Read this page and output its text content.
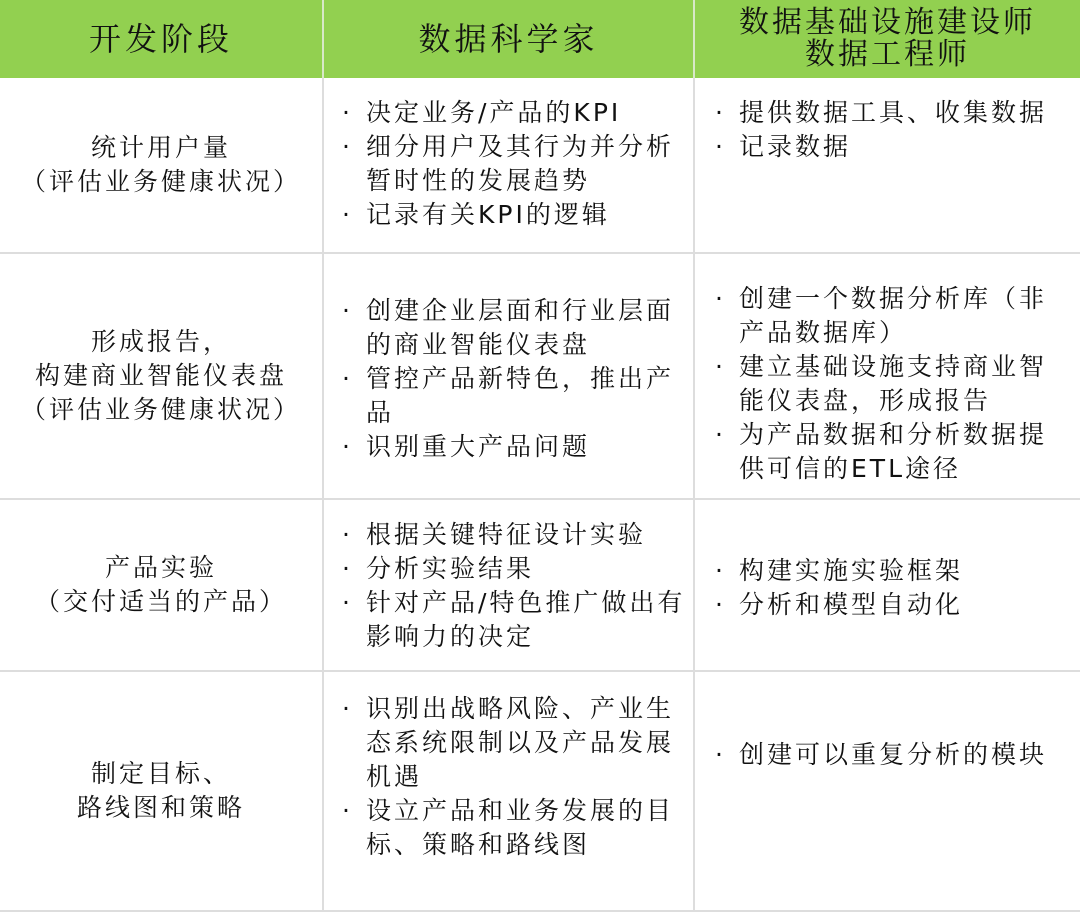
开发阶段	数据科学家	数据基础设施建设师
数据工程师
统计用户量
（评估业务健康状况）
· 决定业务/产品的KPI
· 细分用户及其行为并分析暂时性的发展趋势
· 记录有关KPI的逻辑
· 提供数据工具、收集数据
· 记录数据
形成报告，
构建商业智能仪表盘
（评估业务健康状况）
· 创建企业层面和行业层面的商业智能仪表盘
· 管控产品新特色，推出产品
· 识别重大产品问题
· 创建一个数据分析库（非产品数据库）
· 建立基础设施支持商业智能仪表盘，形成报告
· 为产品数据和分析数据提供可信的ETL途径
产品实验
（交付适当的产品）
· 根据关键特征设计实验
· 分析实验结果
· 针对产品/特色推广做出有影响力的决定
· 构建实施实验框架
· 分析和模型自动化
制定目标、
路线图和策略
· 识别出战略风险、产业生态系统限制以及产品发展机遇
· 设立产品和业务发展的目标、策略和路线图
· 创建可以重复分析的模块
